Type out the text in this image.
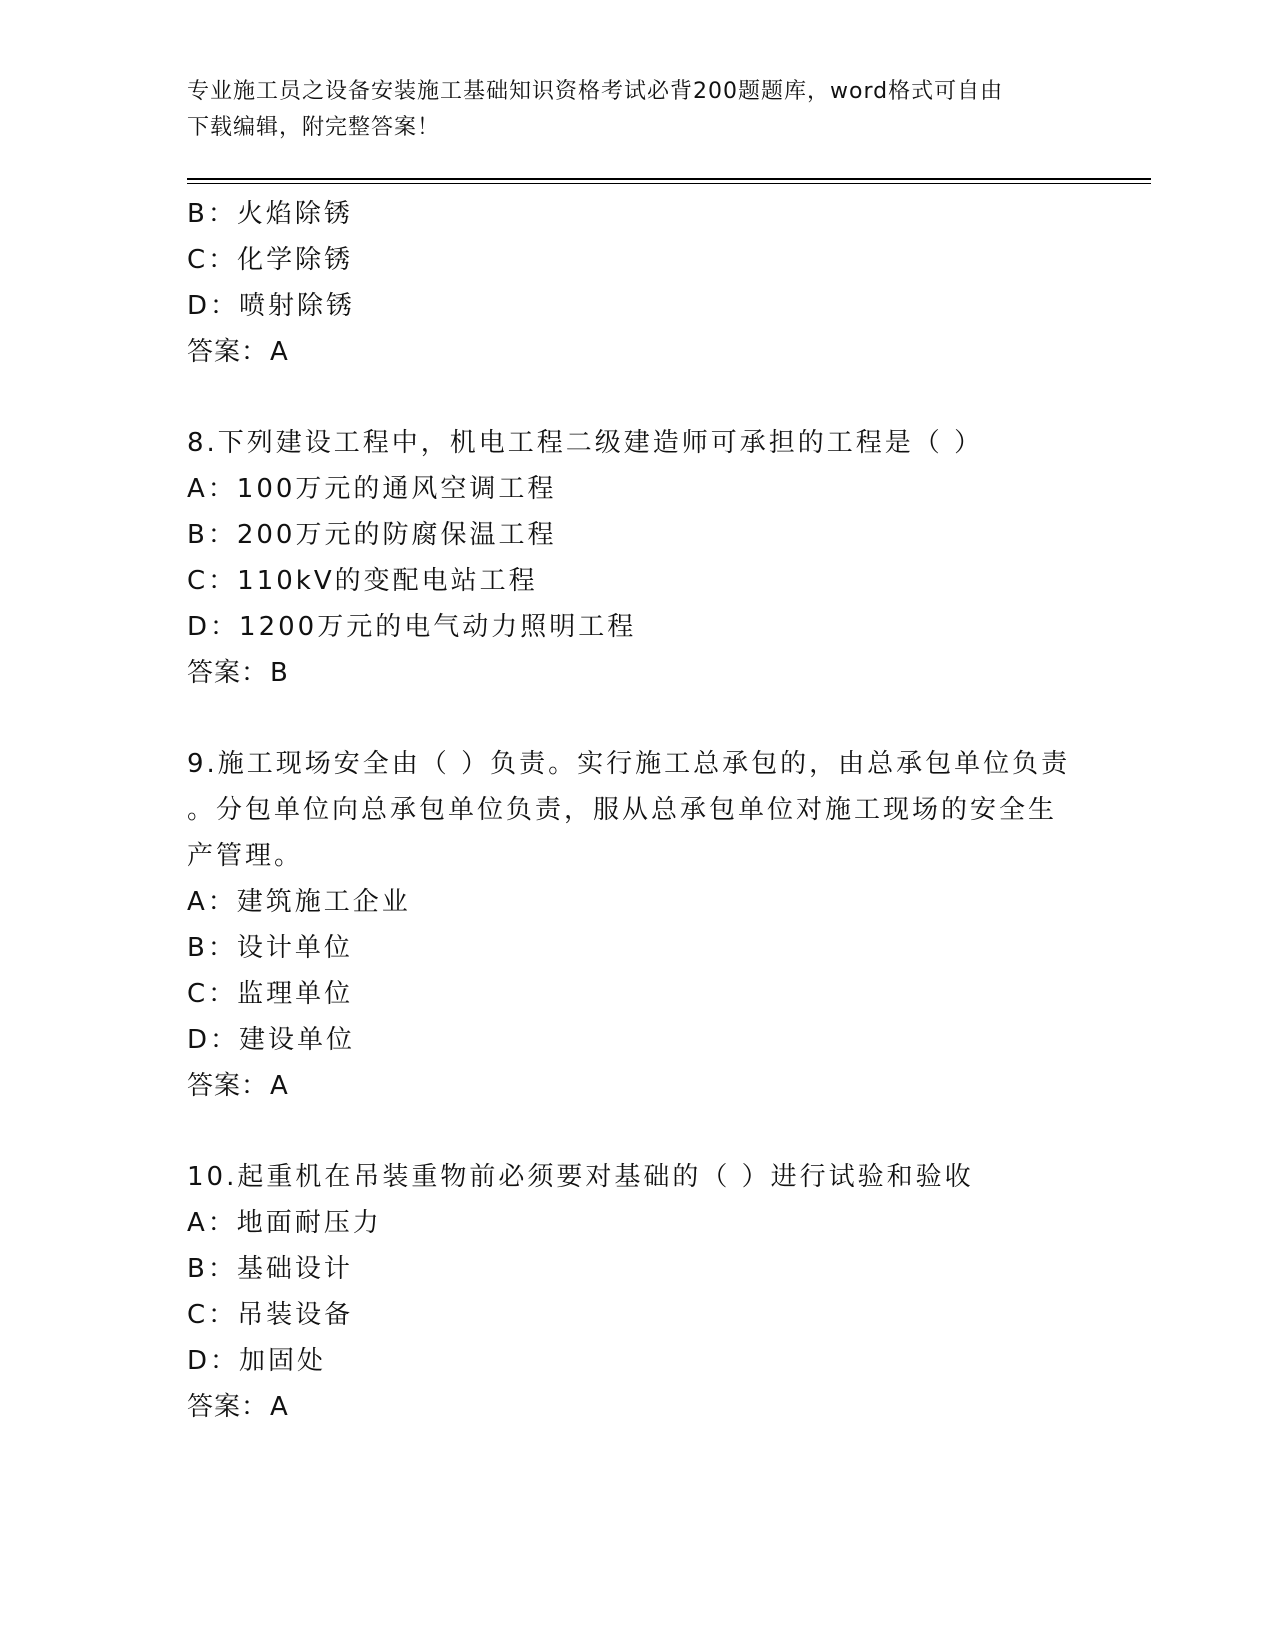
专业施工员之设备安装施工基础知识资格考试必背200题题库，word格式可自由
下载编辑，附完整答案！
B：火焰除锈
C：化学除锈
D：喷射除锈
答案：A
8.下列建设工程中，机电工程二级建造师可承担的工程是（ ）
A：100万元的通风空调工程
B：200万元的防腐保温工程
C：110kV的变配电站工程
D：1200万元的电气动力照明工程
答案：B
9.施工现场安全由（ ）负责。实行施工总承包的，由总承包单位负责
。分包单位向总承包单位负责，服从总承包单位对施工现场的安全生
产管理。
A：建筑施工企业
B：设计单位
C：监理单位
D：建设单位
答案：A
10.起重机在吊装重物前必须要对基础的（ ）进行试验和验收
A：地面耐压力
B：基础设计
C：吊装设备
D：加固处
答案：A
